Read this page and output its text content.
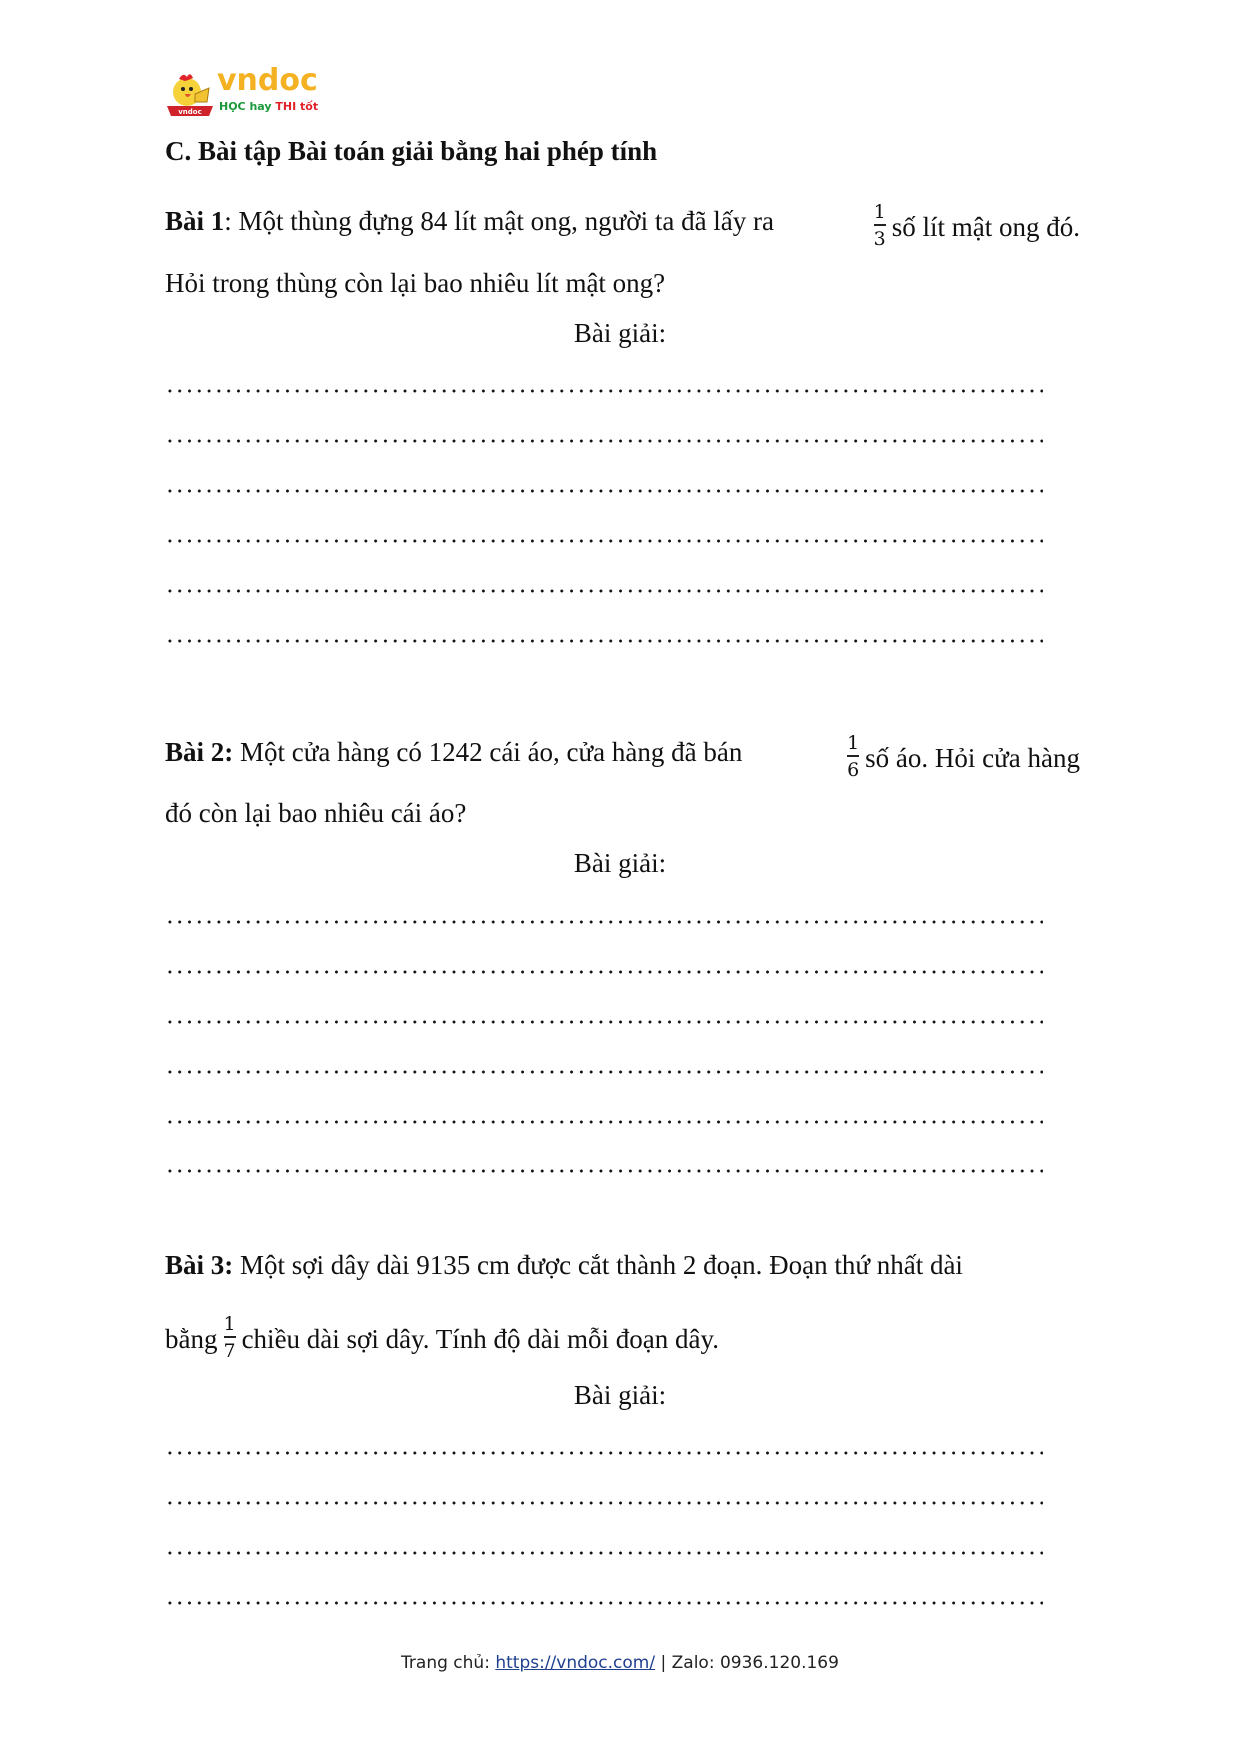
vndoc
vndoc
HỌC hay THI tốt
C. Bài tập Bài toán giải bằng hai phép tính
Bài 1: Một thùng đựng 84 lít mật ong, người ta đã lấy ra	$\frac{1}{3}$ số lít mật ong đó.
Hỏi trong thùng còn lại bao nhiêu lít mật ong?
Bài giải:
Bài 2: Một cửa hàng có 1242 cái áo, cửa hàng đã bán	$\frac{1}{6}$ số áo. Hỏi cửa hàng
đó còn lại bao nhiêu cái áo?
Bài giải:
Bài 3: Một sợi dây dài 9135 cm được cắt thành 2 đoạn. Đoạn thứ nhất dài
bằng $\frac{1}{7}$ chiều dài sợi dây. Tính độ dài mỗi đoạn dây.
Bài giải:
Trang chủ: https://vndoc.com/ | Zalo: 0936.120.169
